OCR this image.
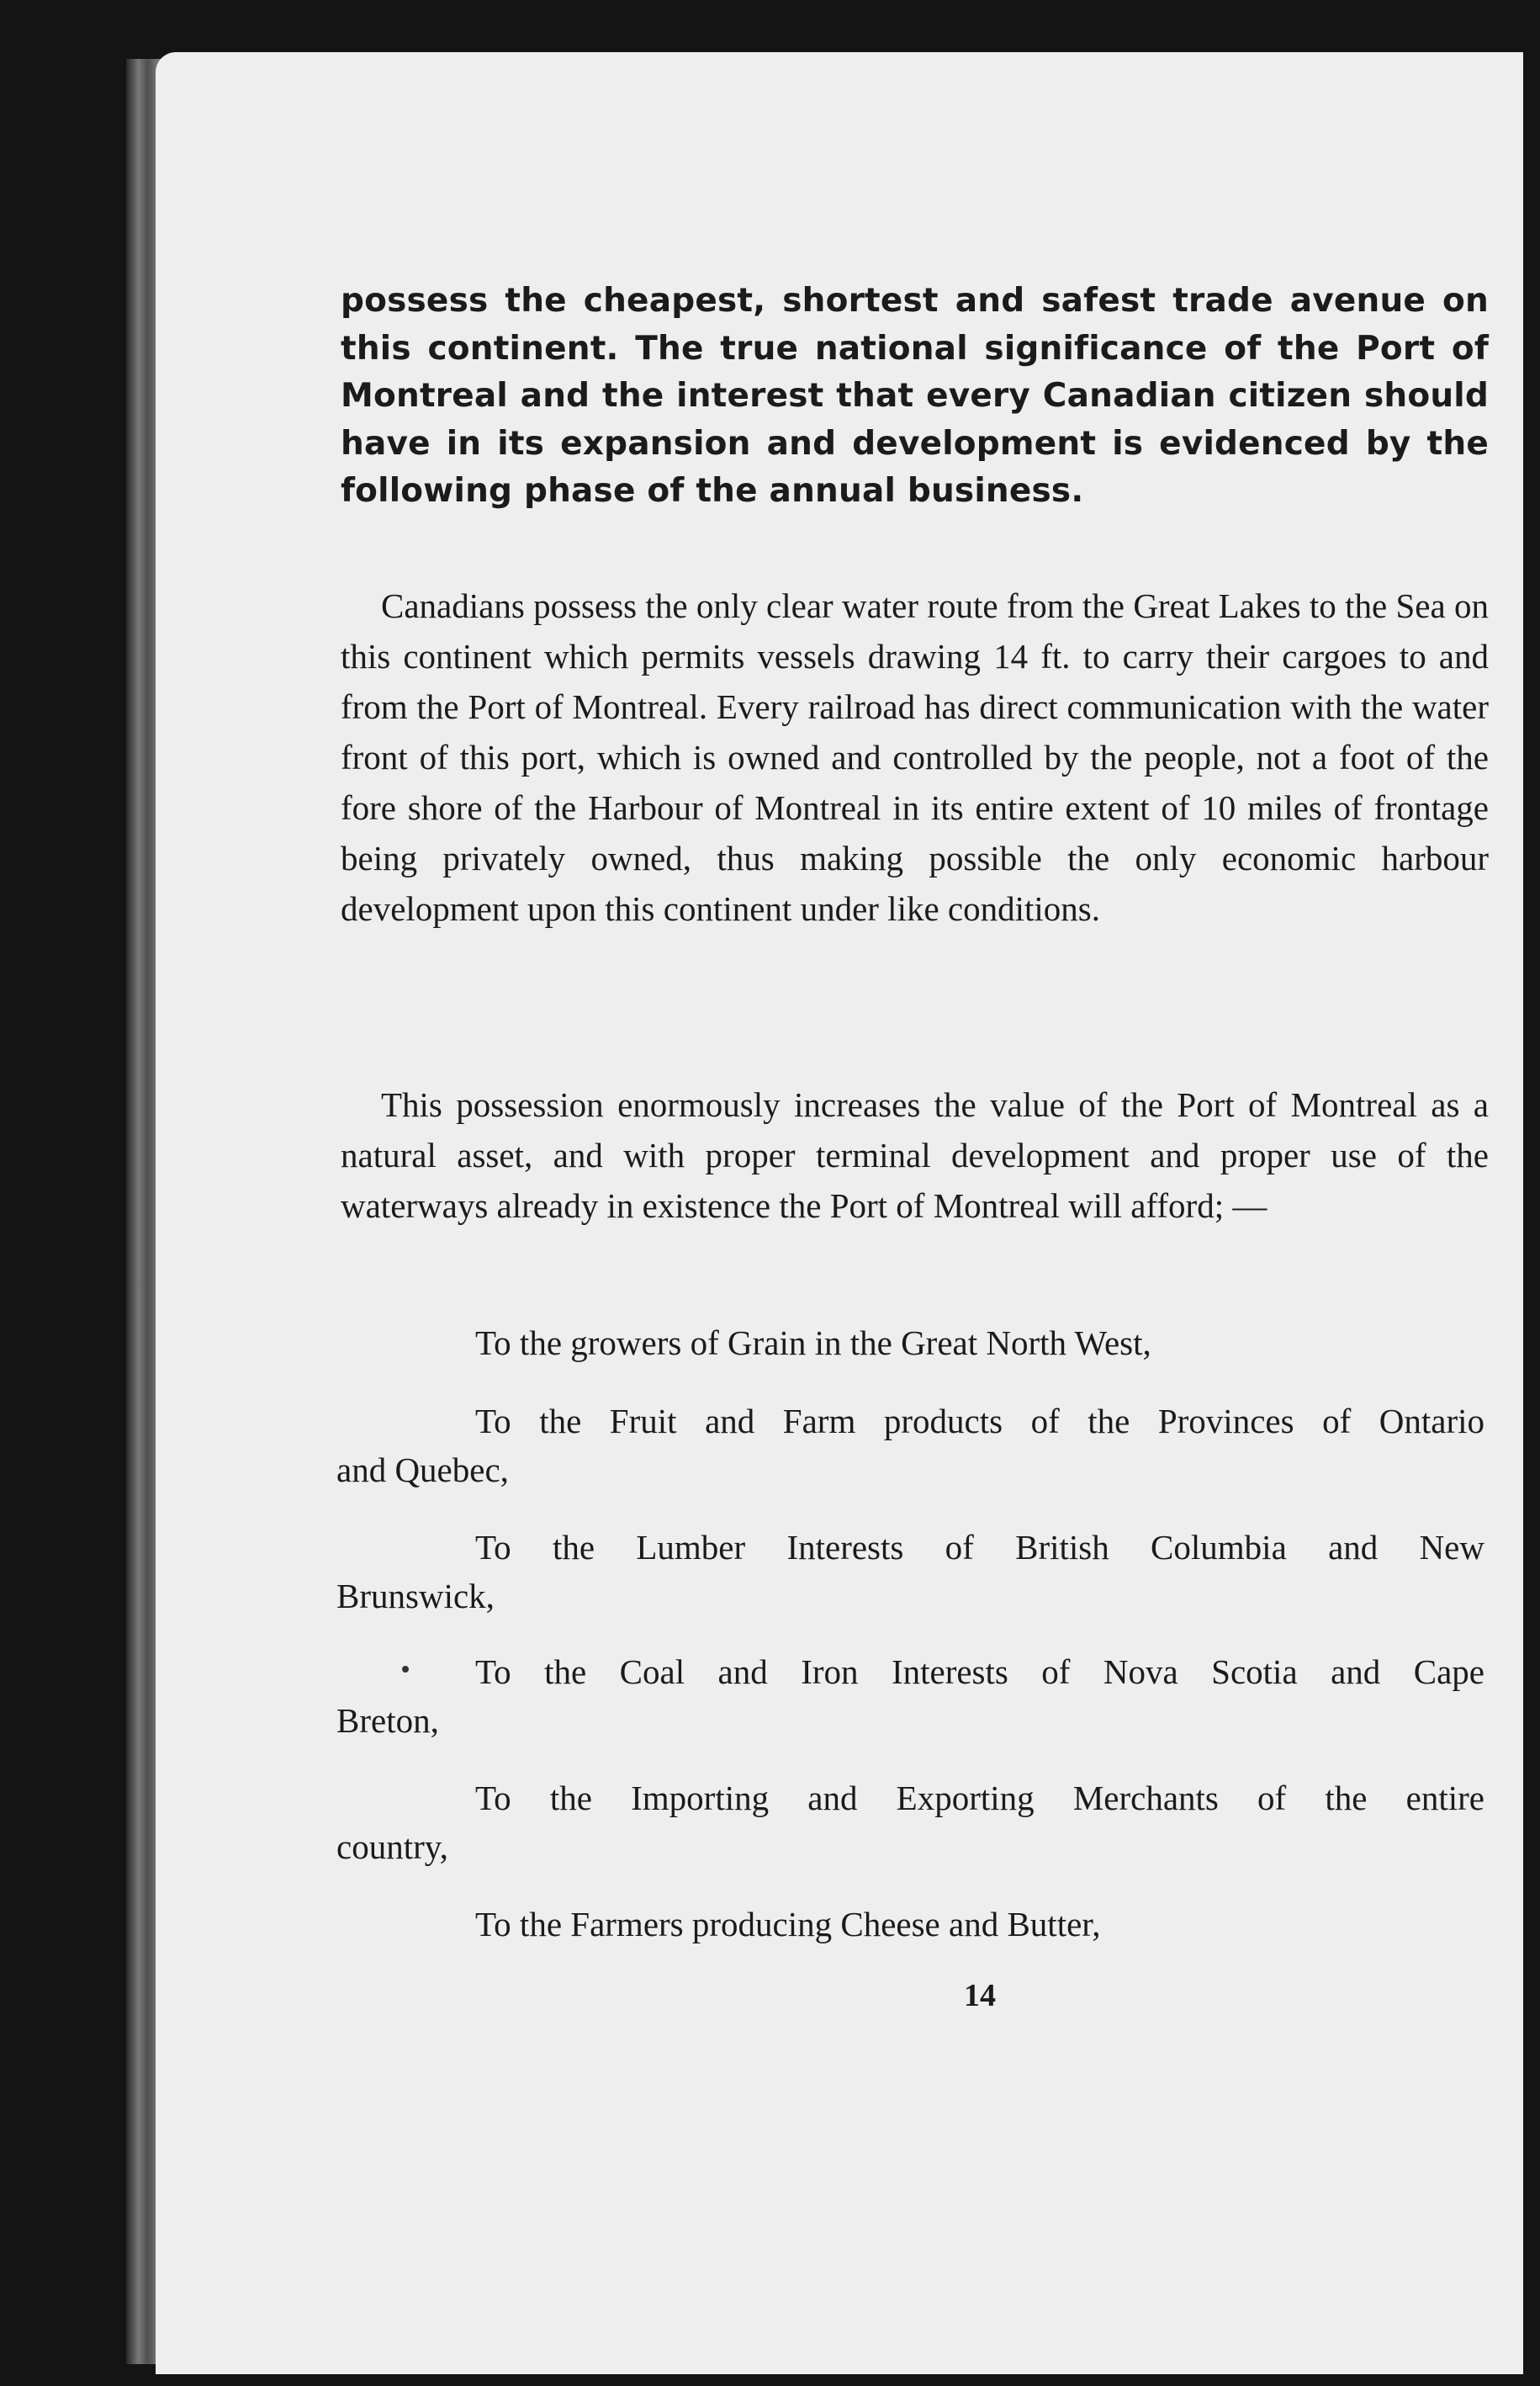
possess the cheapest, shortest and safest trade avenue on this continent. The true national significance of the Port of Montreal and the interest that every Canadian citizen should have in its expansion and development is evidenced by the following phase of the annual business.

Canadians possess the only clear water route from the Great Lakes to the Sea on this continent which permits vessels drawing 14 ft. to carry their cargoes to and from the Port of Montreal. Every railroad has direct communication with the water front of this port, which is owned and controlled by the people, not a foot of the fore shore of the Harbour of Montreal in its entire extent of 10 miles of frontage being privately owned, thus making possible the only economic harbour development upon this continent under like conditions.

This possession enormously increases the value of the Port of Montreal as a natural asset, and with proper terminal development and proper use of the waterways already in existence the Port of Montreal will afford; —

To the growers of Grain in the Great North West,
To the Fruit and Farm products of the Provinces of Ontario
and Quebec,
To the Lumber Interests of British Columbia and New
Brunswick,
To the Coal and Iron Interests of Nova Scotia and Cape
Breton,
To the Importing and Exporting Merchants of the entire
country,
To the Farmers producing Cheese and Butter,
14
